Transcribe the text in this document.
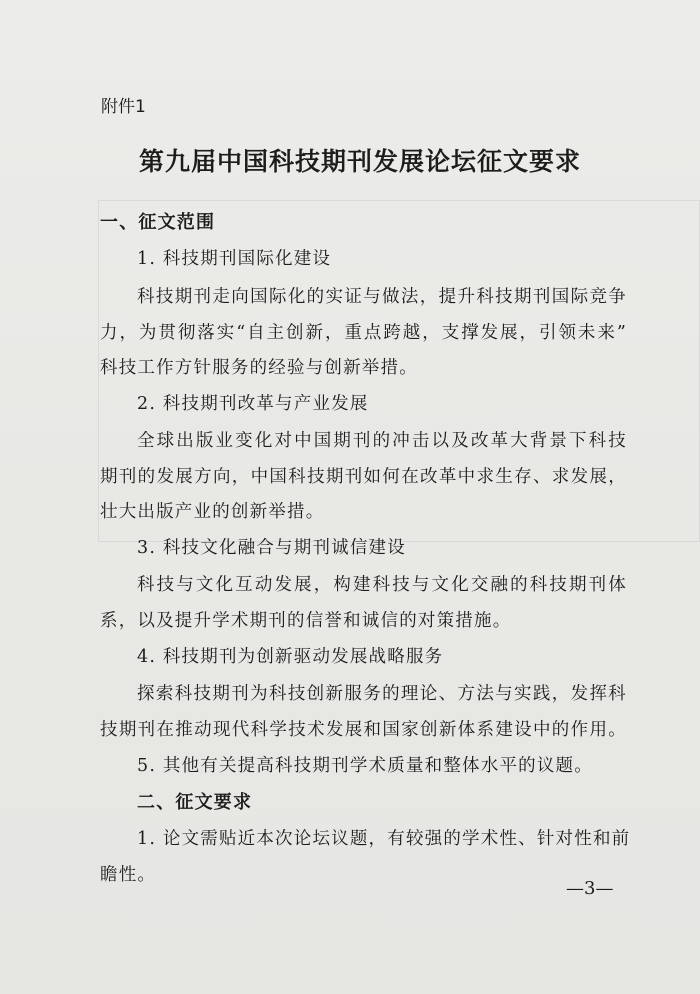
附件1
第九届中国科技期刊发展论坛征文要求
一、征文范围
1. 科技期刊国际化建设
科技期刊走向国际化的实证与做法，提升科技期刊国际竞争
力，为贯彻落实“自主创新，重点跨越，支撑发展，引领未来”
科技工作方针服务的经验与创新举措。
2. 科技期刊改革与产业发展
全球出版业变化对中国期刊的冲击以及改革大背景下科技
期刊的发展方向，中国科技期刊如何在改革中求生存、求发展，
壮大出版产业的创新举措。
3. 科技文化融合与期刊诚信建设
科技与文化互动发展，构建科技与文化交融的科技期刊体
系，以及提升学术期刊的信誉和诚信的对策措施。
4. 科技期刊为创新驱动发展战略服务
探索科技期刊为科技创新服务的理论、方法与实践，发挥科
技期刊在推动现代科学技术发展和国家创新体系建设中的作用。
5. 其他有关提高科技期刊学术质量和整体水平的议题。
二、征文要求
1. 论文需贴近本次论坛议题，有较强的学术性、针对性和前
瞻性。
—3—
